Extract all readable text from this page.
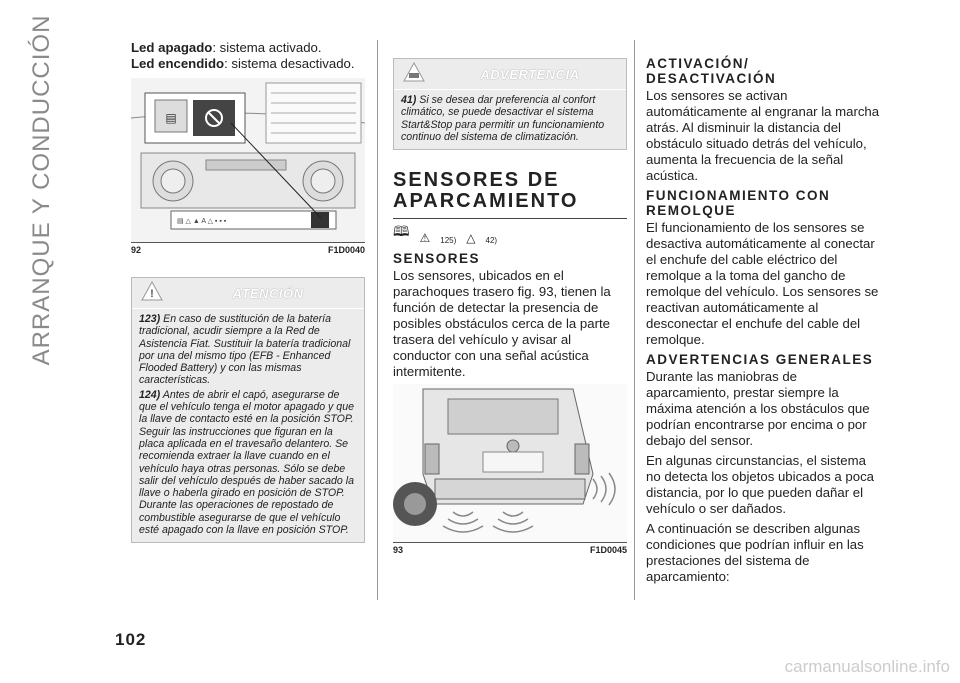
ARRANQUE Y CONDUCCIÓN
102

Led apagado: sistema activado.

Led encendido: sistema desactivado.

▤
▤ △ ▲ A △ ▪ ▪ ▪
92	F1D0040
!	ATENCIÓN
123) En caso de sustitución de la batería tradicional, acudir siempre a la Red de Asistencia Fiat. Sustituir la batería tradicional por una del mismo tipo (EFB - Enhanced Flooded Battery) y con las mismas características.
124) Antes de abrir el capó, asegurarse de que el vehículo tenga el motor apagado y que la llave de contacto esté en la posición STOP. Seguir las instrucciones que figuran en la placa aplicada en el travesaño delantero. Se recomienda extraer la llave cuando en el vehículo haya otras personas. Sólo se debe salir del vehículo después de haber sacado la llave o haberla girado en posición de STOP. Durante las operaciones de repostado de combustible asegurarse de que el vehículo esté apagado con la llave en posición STOP.
ADVERTENCIA
41) Si se desea dar preferencia al confort climático, se puede desactivar el sistema Start&Stop para permitir un funcionamiento continuo del sistema de climatización.
SENSORES DE
APARCAMIENTO
🕮 ⚠ 125) △ 42)
SENSORES

Los sensores, ubicados en el parachoques trasero fig. 93, tienen la función de detectar la presencia de posibles obstáculos cerca de la parte trasera del vehículo y avisar al conductor con una señal acústica intermitente.

93	F1D0045
ACTIVACIÓN/ DESACTIVACIÓN

Los sensores se activan automáticamente al engranar la marcha atrás. Al disminuir la distancia del obstáculo situado detrás del vehículo, aumenta la frecuencia de la señal acústica.

FUNCIONAMIENTO CON REMOLQUE

El funcionamiento de los sensores se desactiva automáticamente al conectar el enchufe del cable eléctrico del remolque a la toma del gancho de remolque del vehículo. Los sensores se reactivan automáticamente al desconectar el enchufe del cable del remolque.

ADVERTENCIAS GENERALES

Durante las maniobras de aparcamiento, prestar siempre la máxima atención a los obstáculos que podrían encontrarse por encima o por debajo del sensor.

En algunas circunstancias, el sistema no detecta los objetos ubicados a poca distancia, por lo que pueden dañar el vehículo o ser dañados.

A continuación se describen algunas condiciones que podrían influir en las prestaciones del sistema de aparcamiento:

carmanualsonline.info
